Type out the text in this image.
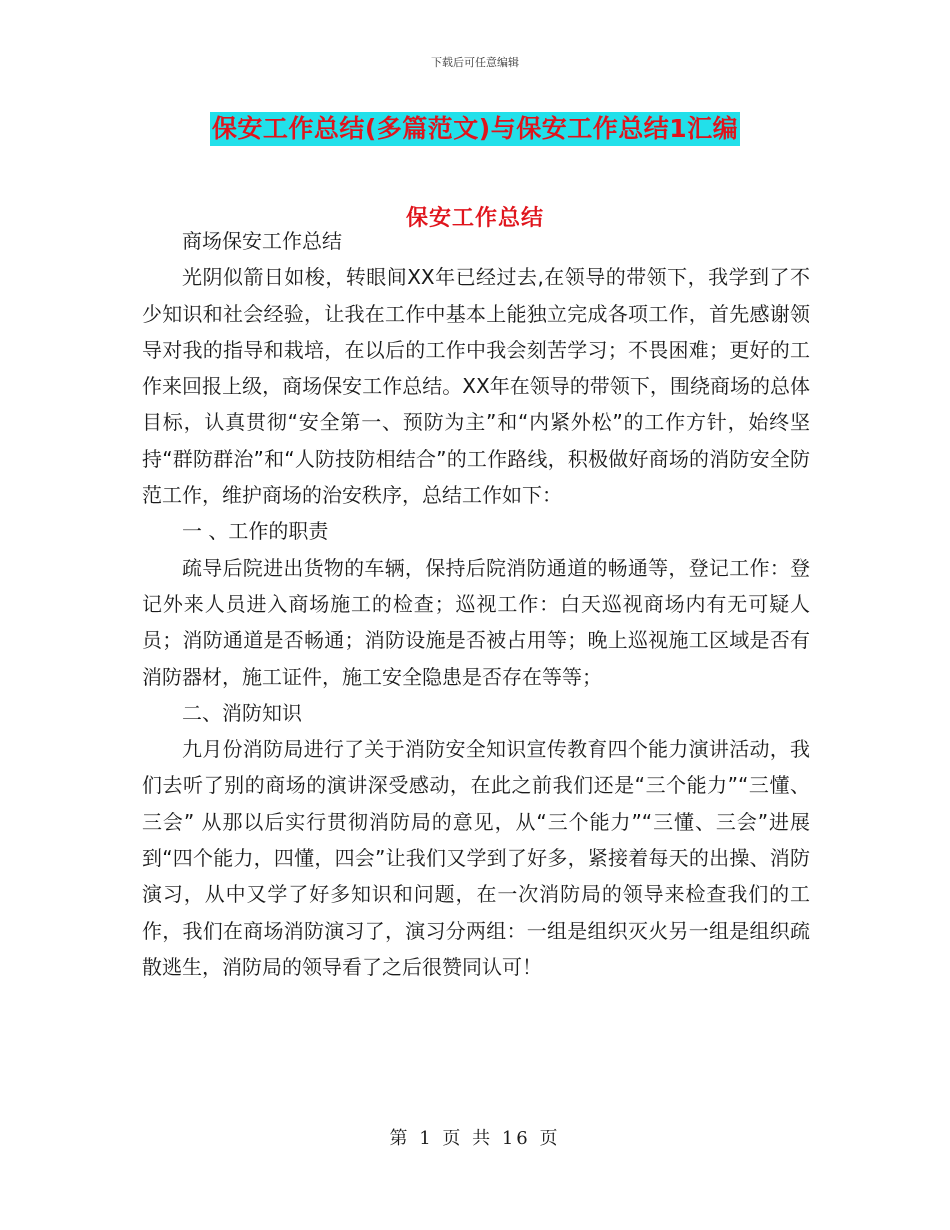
下载后可任意编辑
保安工作总结(多篇范文)与保安工作总结1汇编
保安工作总结

商场保安工作总结

光阴似箭日如梭，转眼间XX年已经过去,在领导的带领下，我学到了不少知识和社会经验，让我在工作中基本上能独立完成各项工作，首先感谢领导对我的指导和栽培，在以后的工作中我会刻苦学习；不畏困难；更好的工作来回报上级，商场保安工作总结。XX年在领导的带领下，围绕商场的总体目标，认真贯彻“安全第一、预防为主”和“内紧外松”的工作方针，始终坚持“群防群治”和“人防技防相结合”的工作路线，积极做好商场的消防安全防范工作，维护商场的治安秩序，总结工作如下：

一 、工作的职责

疏导后院进出货物的车辆，保持后院消防通道的畅通等，登记工作：登记外来人员进入商场施工的检查；巡视工作：白天巡视商场内有无可疑人员；消防通道是否畅通；消防设施是否被占用等；晚上巡视施工区域是否有消防器材，施工证件，施工安全隐患是否存在等等；

二、消防知识

九月份消防局进行了关于消防安全知识宣传教育四个能力演讲活动，我们去听了别的商场的演讲深受感动，在此之前我们还是“三个能力”“三懂、三会” 从那以后实行贯彻消防局的意见，从“三个能力”“三懂、三会”进展到“四个能力，四懂，四会”让我们又学到了好多，紧接着每天的出操、消防演习，从中又学了好多知识和问题，在一次消防局的领导来检查我们的工作，我们在商场消防演习了，演习分两组：一组是组织灭火另一组是组织疏散逃生，消防局的领导看了之后很赞同认可！

第 1 页 共 16 页
